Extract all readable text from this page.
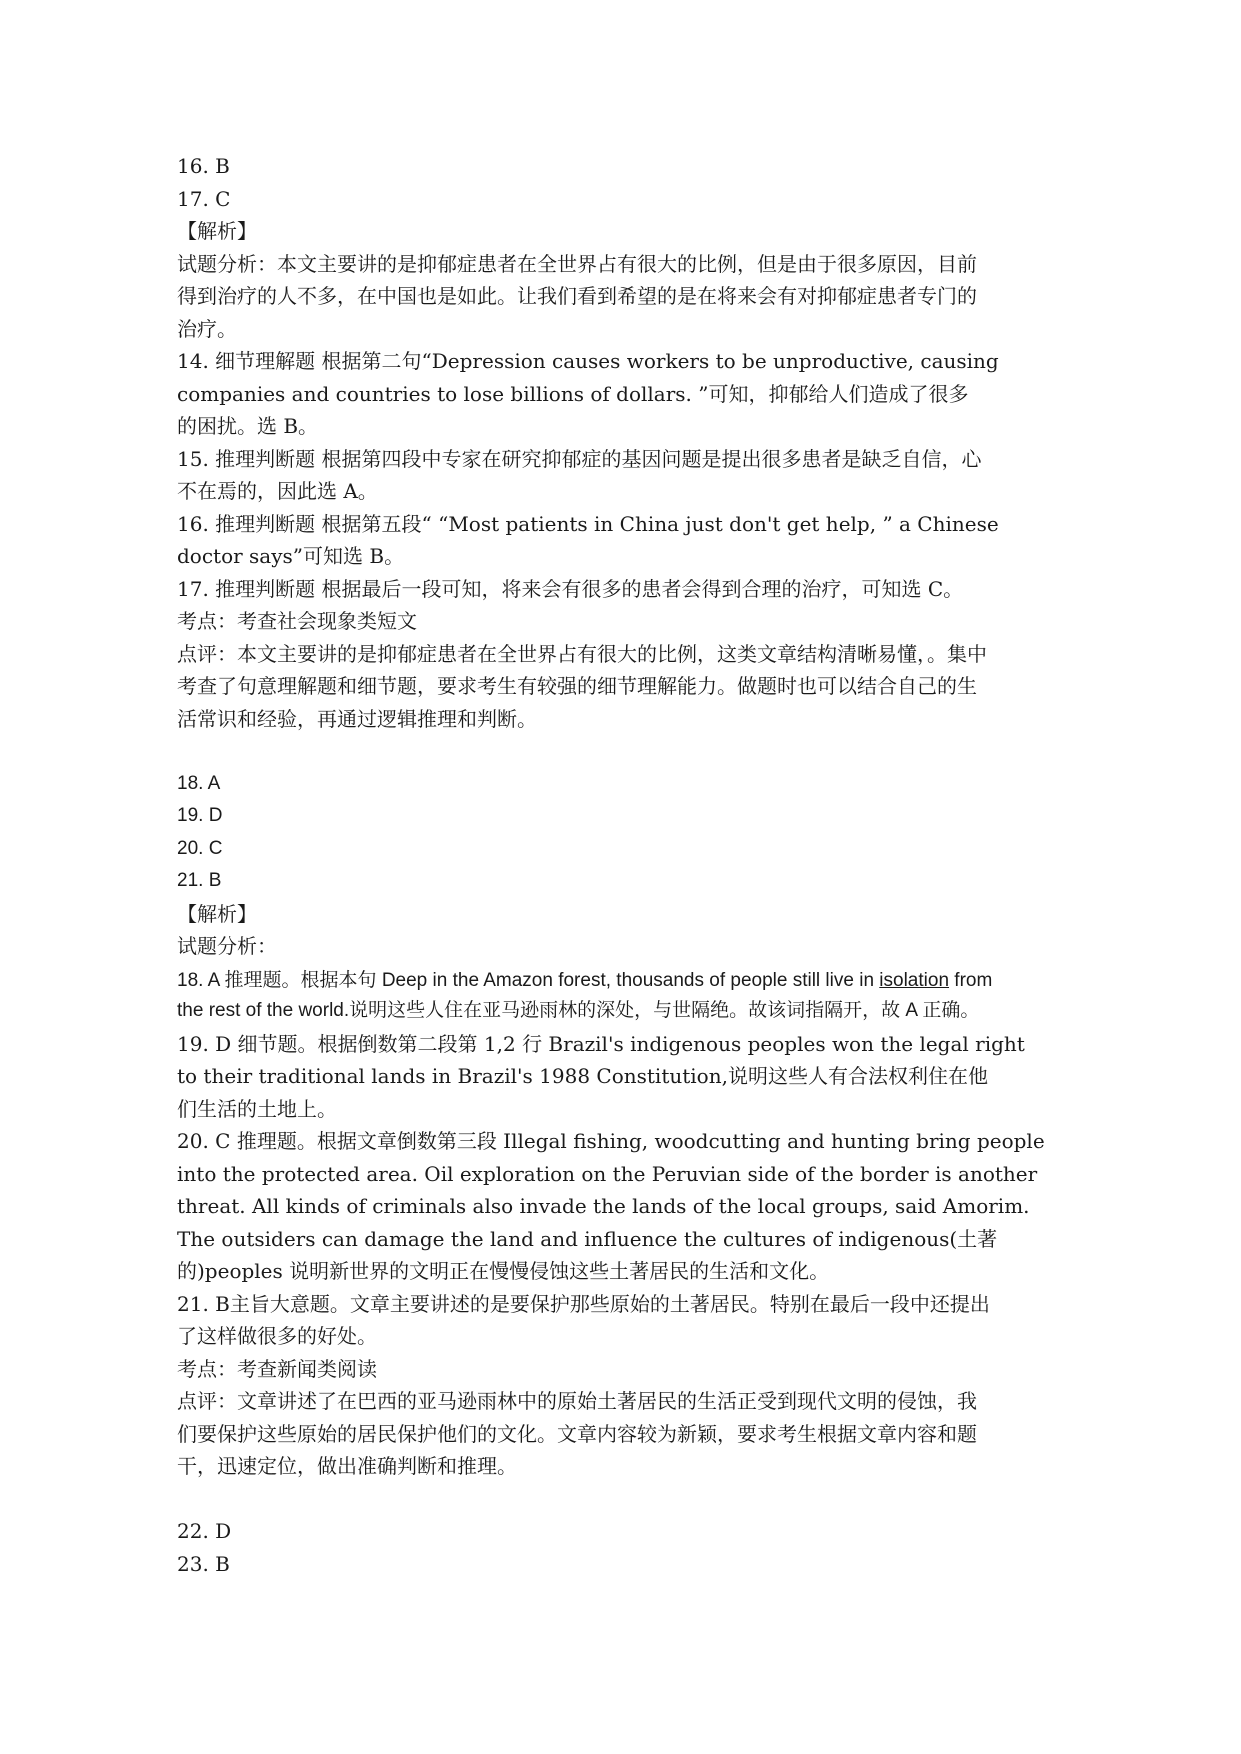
16. B
17. C
【解析】
试题分析：本文主要讲的是抑郁症患者在全世界占有很大的比例，但是由于很多原因，目前
得到治疗的人不多，在中国也是如此。让我们看到希望的是在将来会有对抑郁症患者专门的
治疗。
14. 细节理解题 根据第二句“Depression causes workers to be unproductive, causing
companies and countries to lose billions of dollars. ”可知，抑郁给人们造成了很多
的困扰。选 B。
15. 推理判断题 根据第四段中专家在研究抑郁症的基因问题是提出很多患者是缺乏自信，心
不在焉的，因此选 A。
16. 推理判断题 根据第五段“ “Most patients in China just don't get help, ” a Chinese
doctor says”可知选 B。
17. 推理判断题 根据最后一段可知，将来会有很多的患者会得到合理的治疗，可知选 C。
考点：考查社会现象类短文
点评：本文主要讲的是抑郁症患者在全世界占有很大的比例，这类文章结构清晰易懂，。集中
考查了句意理解题和细节题，要求考生有较强的细节理解能力。做题时也可以结合自己的生
活常识和经验，再通过逻辑推理和判断。
18. A
19. D
20. C
21. B
【解析】
试题分析：
18. A 推理题。根据本句 Deep in the Amazon forest, thousands of people still live in isolation from
the rest of the world.说明这些人住在亚马逊雨林的深处，与世隔绝。故该词指隔开，故 A 正确。
19. D 细节题。根据倒数第二段第 1,2 行 Brazil's indigenous peoples won the legal right
to their traditional lands in Brazil's 1988 Constitution,说明这些人有合法权利住在他
们生活的土地上。
20. C 推理题。根据文章倒数第三段 Illegal fishing, woodcutting and hunting bring people
into the protected area. Oil exploration on the Peruvian side of the border is another
threat. All kinds of criminals also invade the lands of the local groups, said Amorim.
The outsiders can damage the land and influence the cultures of indigenous(土著
的)peoples 说明新世界的文明正在慢慢侵蚀这些土著居民的生活和文化。
21. B主旨大意题。文章主要讲述的是要保护那些原始的土著居民。特别在最后一段中还提出
了这样做很多的好处。
考点：考查新闻类阅读
点评：文章讲述了在巴西的亚马逊雨林中的原始土著居民的生活正受到现代文明的侵蚀，我
们要保护这些原始的居民保护他们的文化。文章内容较为新颖，要求考生根据文章内容和题
干，迅速定位，做出准确判断和推理。
22. D
23. B
